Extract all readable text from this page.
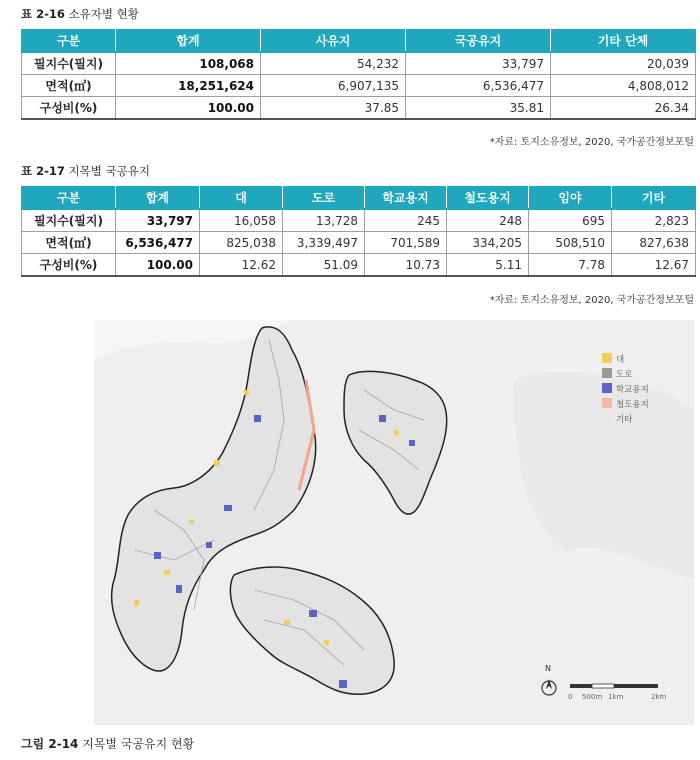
표 2-16 소유자별 현황
구분	합계	사유지	국공유지	기타 단체
필지수(필지)	108,068	54,232	33,797	20,039
면적(㎡)	18,251,624	6,907,135	6,536,477	4,808,012
구성비(%)	100.00	37.85	35.81	26.34
*자료: 토지소유정보, 2020, 국가공간정보포털
표 2-17 지목별 국공유지
구분	합계	대	도로	학교용지	철도용지	임야	기타
필지수(필지)	33,797	16,058	13,728	245	248	695	2,823
면적(㎡)	6,536,477	825,038	3,339,497	701,589	334,205	508,510	827,638
구성비(%)	100.00	12.62	51.09	10.73	5.11	7.78	12.67
*자료: 토지소유정보, 2020, 국가공간정보포털
대
도로
학교용지
철도용지
기타
N
0 500m 1km	2km
그림 2-14 지목별 국공유지 현황
